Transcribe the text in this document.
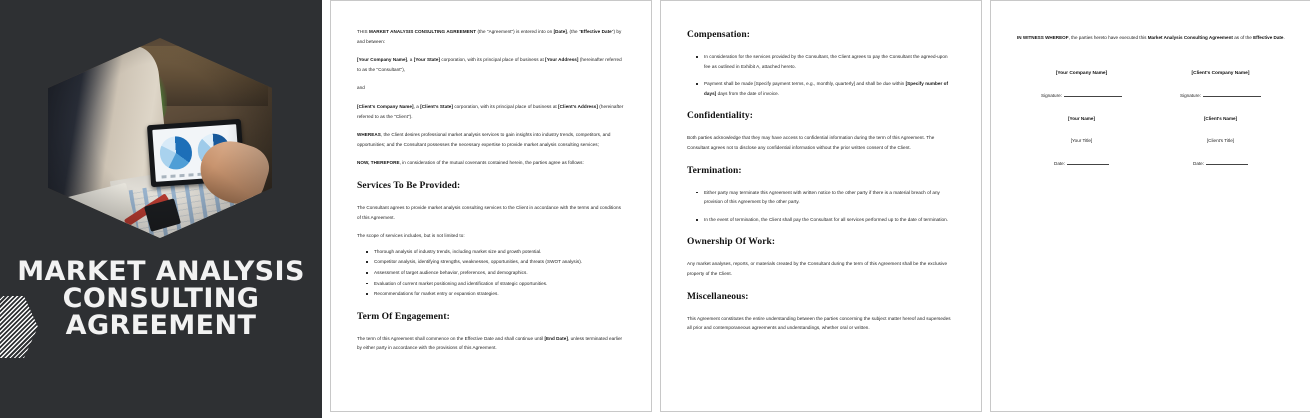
MARKET ANALYSIS
CONSULTING
AGREEMENT

THIS MARKET ANALYSIS CONSULTING AGREEMENT (the "Agreement") is entered into on [Date], (the "Effective Date") by and between:

[Your Company Name], a [Your State] corporation, with its principal place of business at [Your Address] (hereinafter referred to as the "Consultant"),

and

[Client's Company Name], a [Client's State] corporation, with its principal place of business at [Client's Address] (hereinafter referred to as the "Client").

WHEREAS, the Client desires professional market analysis services to gain insights into industry trends, competitors, and opportunities; and the Consultant possesses the necessary expertise to provide market analysis consulting services;

NOW, THEREFORE, in consideration of the mutual covenants contained herein, the parties agree as follows:

Services To Be Provided:

The Consultant agrees to provide market analysis consulting services to the Client in accordance with the terms and conditions of this Agreement.

The scope of services includes, but is not limited to:

Thorough analysis of industry trends, including market size and growth potential.
Competitor analysis, identifying strengths, weaknesses, opportunities, and threats (SWOT analysis).
Assessment of target audience behavior, preferences, and demographics.
Evaluation of current market positioning and identification of strategic opportunities.
Recommendations for market entry or expansion strategies.
Term Of Engagement:

The term of this Agreement shall commence on the Effective Date and shall continue until [End Date], unless terminated earlier by either party in accordance with the provisions of this Agreement.

Compensation:
In consideration for the services provided by the Consultant, the Client agrees to pay the Consultant the agreed-upon fee as outlined in Exhibit A, attached hereto.
Payment shall be made [Specify payment terms, e.g., monthly, quarterly] and shall be due within [Specify number of days] days from the date of invoice.
Confidentiality:

Both parties acknowledge that they may have access to confidential information during the term of this Agreement. The Consultant agrees not to disclose any confidential information without the prior written consent of the Client.

Termination:
Either party may terminate this Agreement with written notice to the other party if there is a material breach of any provision of this Agreement by the other party.
In the event of termination, the Client shall pay the Consultant for all services performed up to the date of termination.
Ownership Of Work:

Any market analyses, reports, or materials created by the Consultant during the term of this Agreement shall be the exclusive property of the Client.

Miscellaneous:

This Agreement constitutes the entire understanding between the parties concerning the subject matter hereof and supersedes all prior and contemporaneous agreements and understandings, whether oral or written.

IN WITNESS WHEREOF, the parties hereto have executed this Market Analysis Consulting Agreement as of the Effective Date.

[Your Company Name]
Signature:
[Your Name]
[Your Title]
Date:
[Client's Company Name]
Signature:
[Client's Name]
[Client's Title]
Date:
